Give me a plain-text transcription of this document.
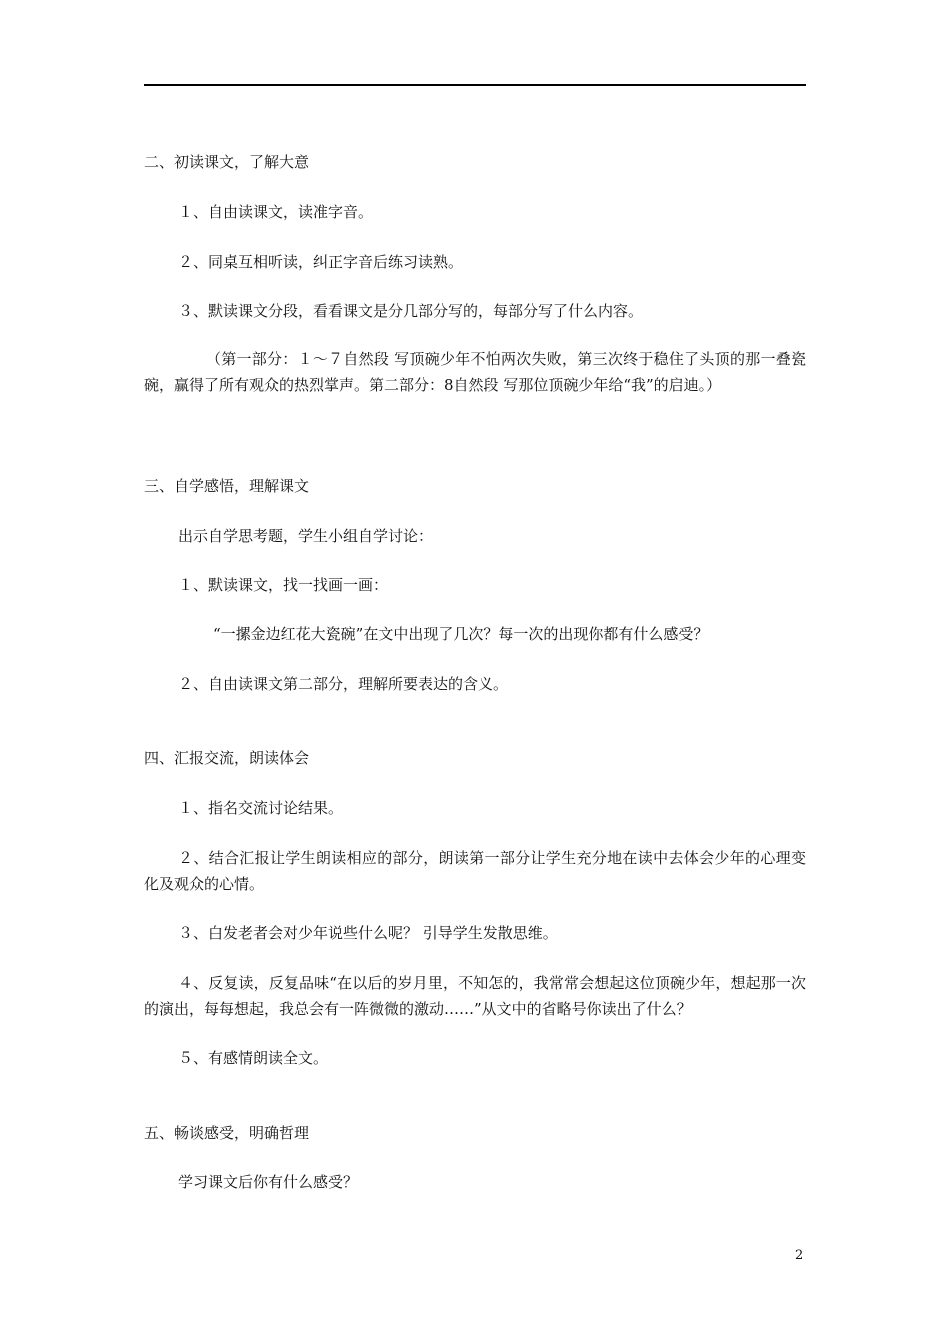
二、初读课文，了解大意
１、自由读课文，读准字音。
２、同桌互相听读，纠正字音后练习读熟。
３、默读课文分段，看看课文是分几部分写的，每部分写了什么内容。
（第一部分：１～７自然段 写顶碗少年不怕两次失败，第三次终于稳住了头顶的那一叠瓷碗，赢得了所有观众的热烈掌声。第二部分：8自然段 写那位顶碗少年给“我”的启迪。）
三、自学感悟，理解课文
出示自学思考题，学生小组自学讨论：
１、默读课文，找一找画一画：
“一摞金边红花大瓷碗”在文中出现了几次？每一次的出现你都有什么感受？
２、自由读课文第二部分，理解所要表达的含义。
四、汇报交流，朗读体会
１、指名交流讨论结果。
２、结合汇报让学生朗读相应的部分，朗读第一部分让学生充分地在读中去体会少年的心理变化及观众的心情。
３、白发老者会对少年说些什么呢？ 引导学生发散思维。
４、反复读，反复品味“在以后的岁月里，不知怎的，我常常会想起这位顶碗少年，想起那一次的演出，每每想起，我总会有一阵微微的激动……”从文中的省略号你读出了什么？
５、有感情朗读全文。
五、畅谈感受，明确哲理
学习课文后你有什么感受？
2
